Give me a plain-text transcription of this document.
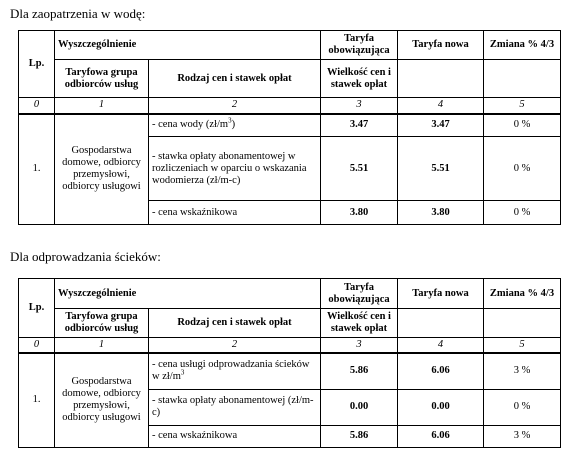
Dla zaopatrzenia w wodę:
Lp.	Wyszczególnienie		Taryfa obowiązująca	Taryfa nowa	Zmiana % 4/3
	Taryfowa grupa odbiorców usług	Rodzaj cen i stawek opłat	Wielkość cen i stawek opłat		
0	1	2	3	4	5
1.	Gospodarstwa domowe, odbiorcy przemysłowi, odbiorcy usługowi	- cena wody $(zł/m^3)$	3.47	3.47	0 %
		- stawka opłaty abonamentowej w rozliczeniach w oparciu o wskazania wodomierza (zł/m-c)	5.51	5.51	0 %
		- cena wskaźnikowa	3.80	3.80	0 %
Dla odprowadzania ścieków:
Lp.	Wyszczególnienie		Taryfa obowiązująca	Taryfa nowa	Zmiana % 4/3
	Taryfowa grupa odbiorców usług	Rodzaj cen i stawek opłat	Wielkość cen i stawek opłat		
0	1	2	3	4	5
1.	Gospodarstwa domowe, odbiorcy przemysłowi, odbiorcy usługowi	- cena usługi odprowadzania ścieków w $zł/m^3$	5.86	6.06	3 %
		- stawka opłaty abonamentowej (zł/m-c)	0.00	0.00	0 %
		- cena wskaźnikowa	5.86	6.06	3 %
